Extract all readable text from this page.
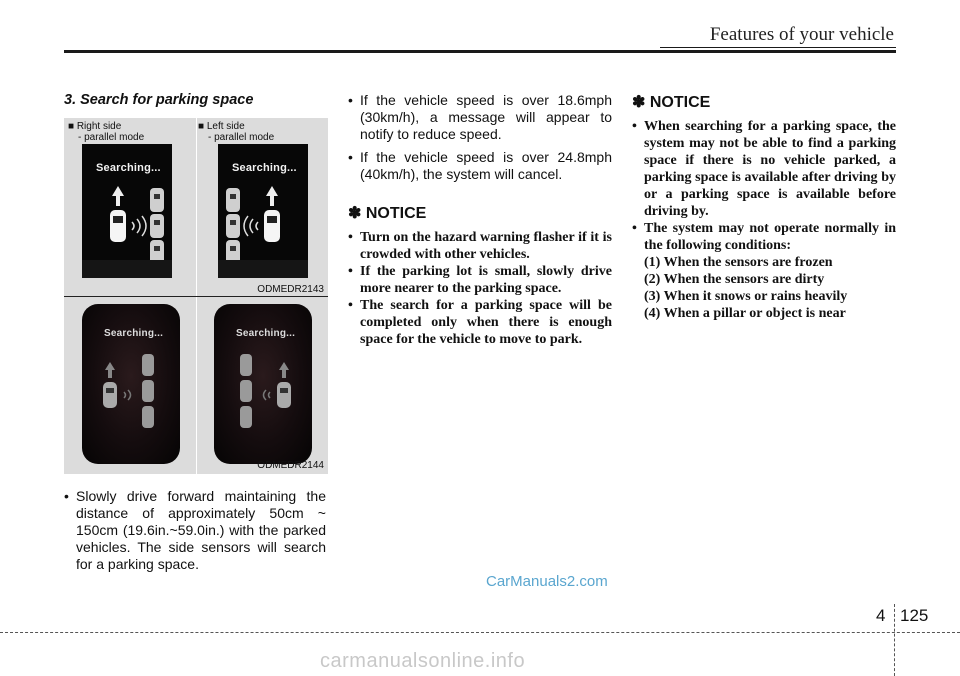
Features of your vehicle
3. Search for parking space
■ Right side
- parallel mode
■ Left side
- parallel mode
Searching...	Searching...
ODMEDR2143
Searching...	Searching...
ODMEDR2144
• Slowly drive forward maintaining the distance of approximately 50cm ~ 150cm (19.6in.~59.0in.) with the parked vehicles. The side sensors will search for a parking space.
• If the vehicle speed is over 18.6mph (30km/h), a message will appear to notify to reduce speed.
• If the vehicle speed is over 24.8mph (40km/h), the system will cancel.
✽ NOTICE
• Turn on the hazard warning flasher if it is crowded with other vehicles.
• If the parking lot is small, slowly drive more nearer to the parking space.
• The search for a parking space will be completed only when there is enough space for the vehicle to move to park.
✽ NOTICE
• When searching for a parking space, the system may not be able to find a parking space if there is no vehicle parked, a parking space is available after driving by or a parking space is available before driving by.
• The system may not operate normally in the following conditions:
(1) When the sensors are frozen
(2) When the sensors are dirty
(3) When it snows or rains heavily
(4) When a pillar or object is near
CarManuals2.com
4 125
carmanualsonline.info
